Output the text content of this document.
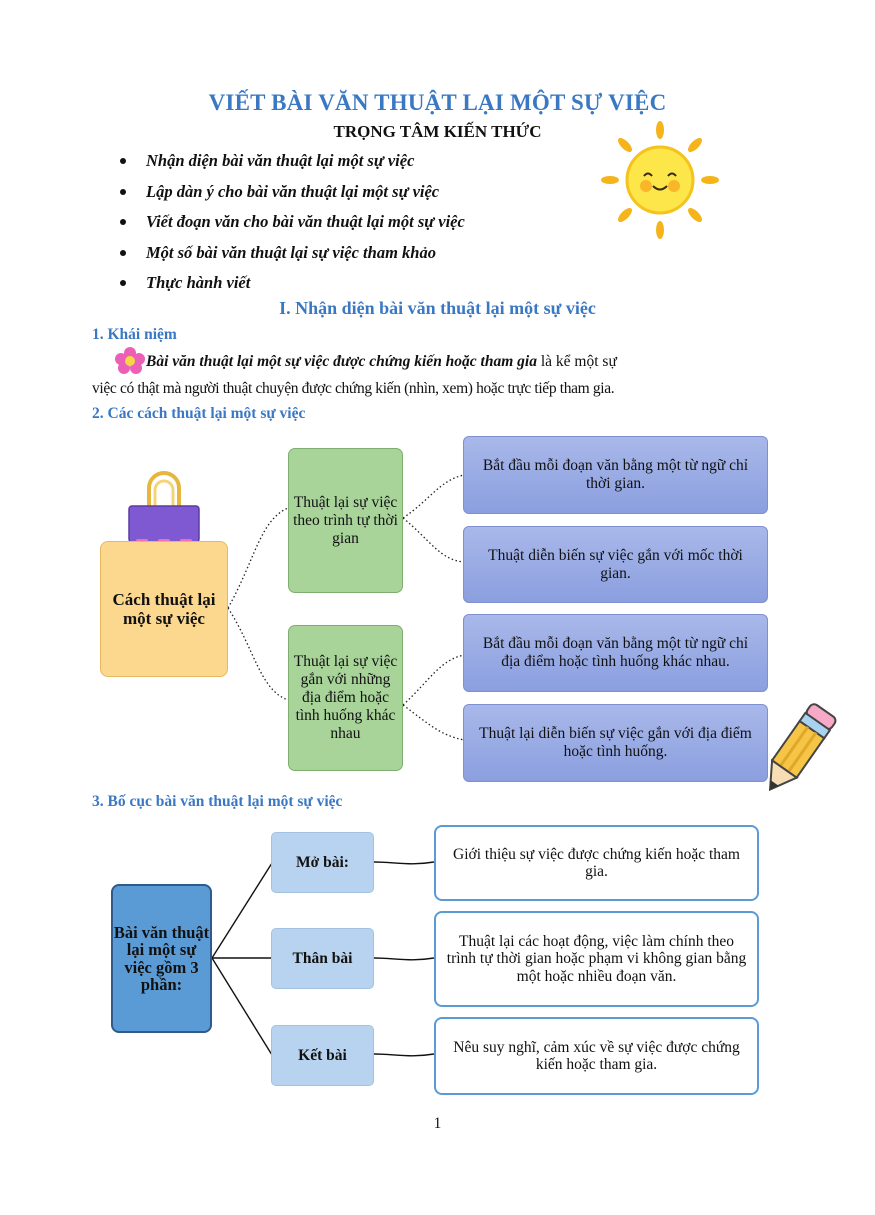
VIẾT BÀI VĂN THUẬT LẠI MỘT SỰ VIỆC
TRỌNG TÂM KIẾN THỨC
Nhận diện bài văn thuật lại một sự việc
Lập dàn ý cho bài văn thuật lại một sự việc
Viết đoạn văn cho bài văn thuật lại một sự việc
Một số bài văn thuật lại sự việc tham khảo
Thực hành viết
I. Nhận diện bài văn thuật lại một sự việc
1. Khái niệm
Bài văn thuật lại một sự việc được chứng kiến hoặc tham gia là kể một sự
việc có thật mà người thuật chuyện được chứng kiến (nhìn, xem) hoặc trực tiếp tham gia.
2. Các cách thuật lại một sự việc
Cách thuật lại một sự việc
Thuật lại sự việc theo trình tự thời gian
Thuật lại sự việc gắn với những địa điểm hoặc tình huống khác nhau
Bắt đầu mỗi đoạn văn bằng một từ ngữ chỉ thời gian.
Thuật diễn biến sự việc gắn với mốc thời gian.
Bắt đầu mỗi đoạn văn bằng một từ ngữ chỉ địa điểm hoặc tình huống khác nhau.
Thuật lại diễn biến sự việc gắn với địa điểm hoặc tình huống.
3. Bố cục bài văn thuật lại một sự việc
Bài văn thuật lại một sự việc gồm 3 phần:
Mở bài:
Thân bài
Kết bài
Giới thiệu sự việc được chứng kiến hoặc tham gia.
Thuật lại các hoạt động, việc làm chính theo trình tự thời gian hoặc phạm vi không gian bằng một hoặc nhiều đoạn văn.
Nêu suy nghĩ, cảm xúc về sự việc được chứng kiến hoặc tham gia.
1
